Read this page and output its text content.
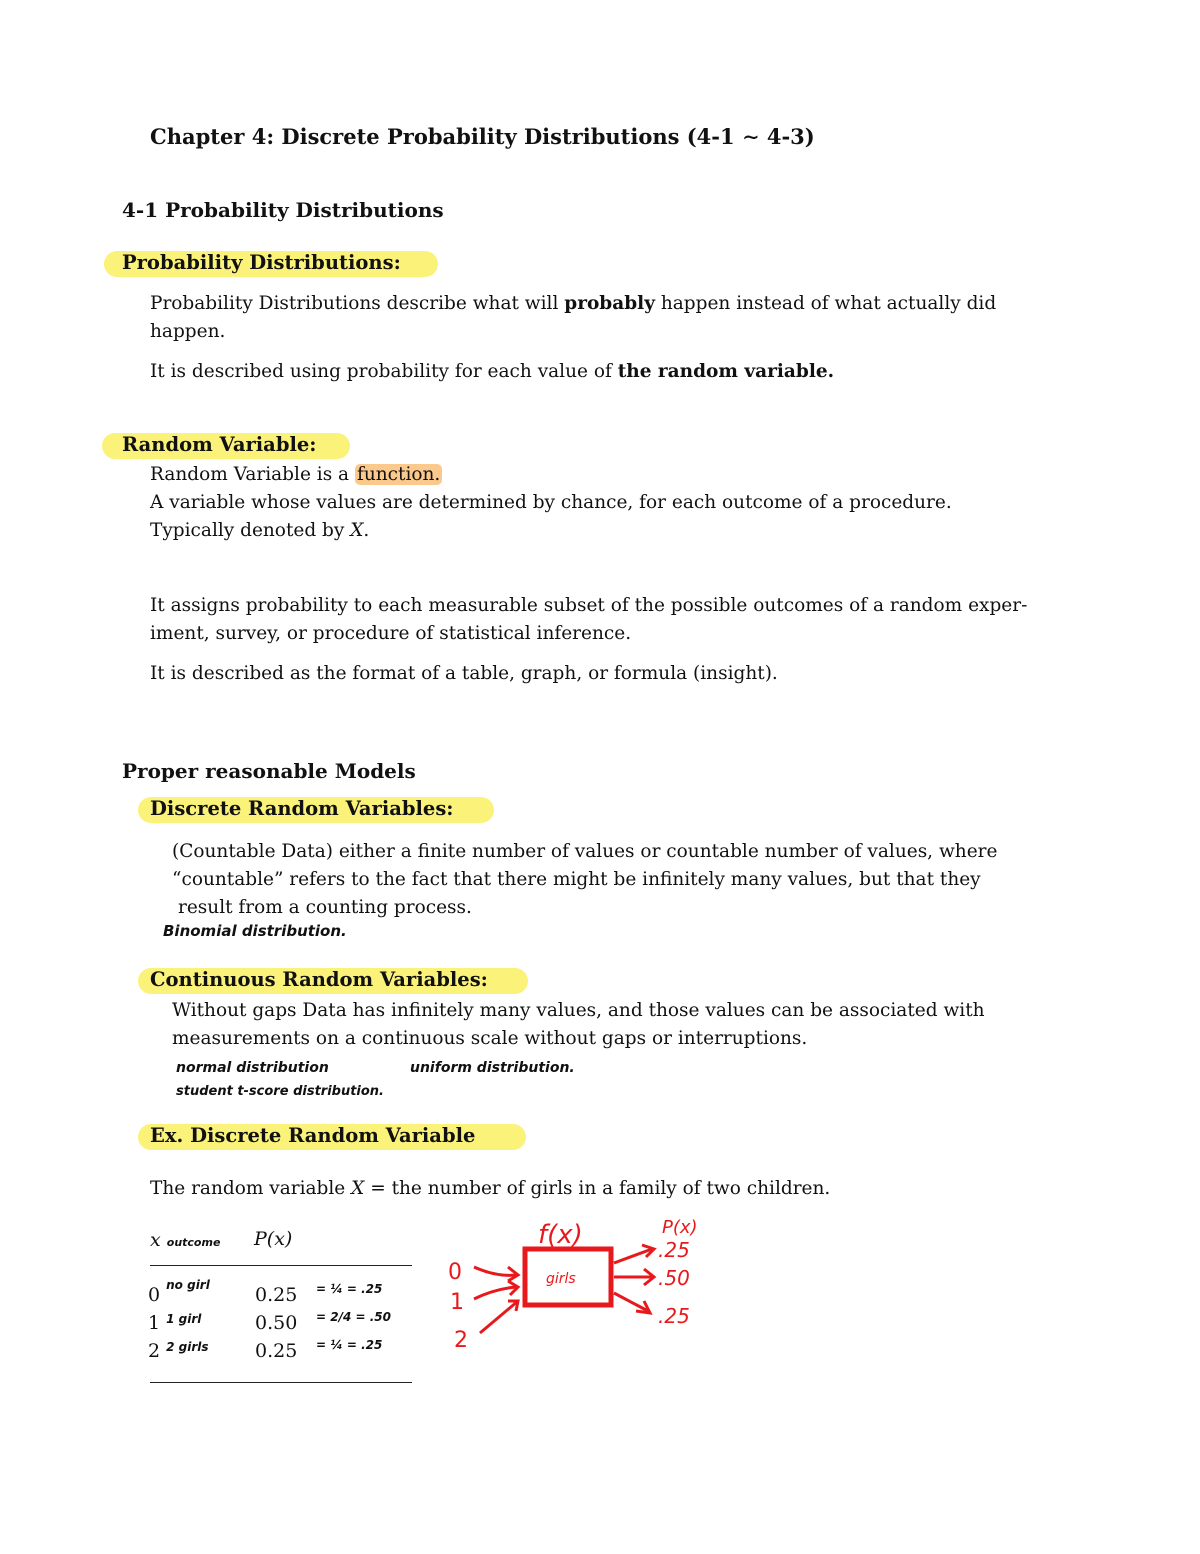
Chapter 4: Discrete Probability Distributions (4-1 ∼ 4-3)
4-1 Probability Distributions
Probability Distributions:
Probability Distributions describe what will probably happen instead of what actually did
happen.
It is described using probability for each value of the random variable.
Random Variable:
Random Variable is a function.
A variable whose values are determined by chance, for each outcome of a procedure.
Typically denoted by X.
It assigns probability to each measurable subset of the possible outcomes of a random exper-
iment, survey, or procedure of statistical inference.
It is described as the format of a table, graph, or formula (insight).
Proper reasonable Models
Discrete Random Variables:
(Countable Data) either a finite number of values or countable number of values, where
“countable” refers to the fact that there might be infinitely many values, but that they
result from a counting process.
Binomial distribution.
Continuous Random Variables:
Without gaps Data has infinitely many values, and those values can be associated with
measurements on a continuous scale without gaps or interruptions.
normal distribution	uniform distribution.
student t-score distribution.
Ex. Discrete Random Variable
The random variable X = the number of girls in a family of two children.
x outcome P(x)
0 $^{no girl}$ 0.25 = ¼ = .25
1 $^{1 girl}$	0.50 = 2/4 = .50
2 $^{2 girls}$ 0.25 = ¼ = .25
f(x)	P(x)
girls
0
1
2
.25
.50
.25
